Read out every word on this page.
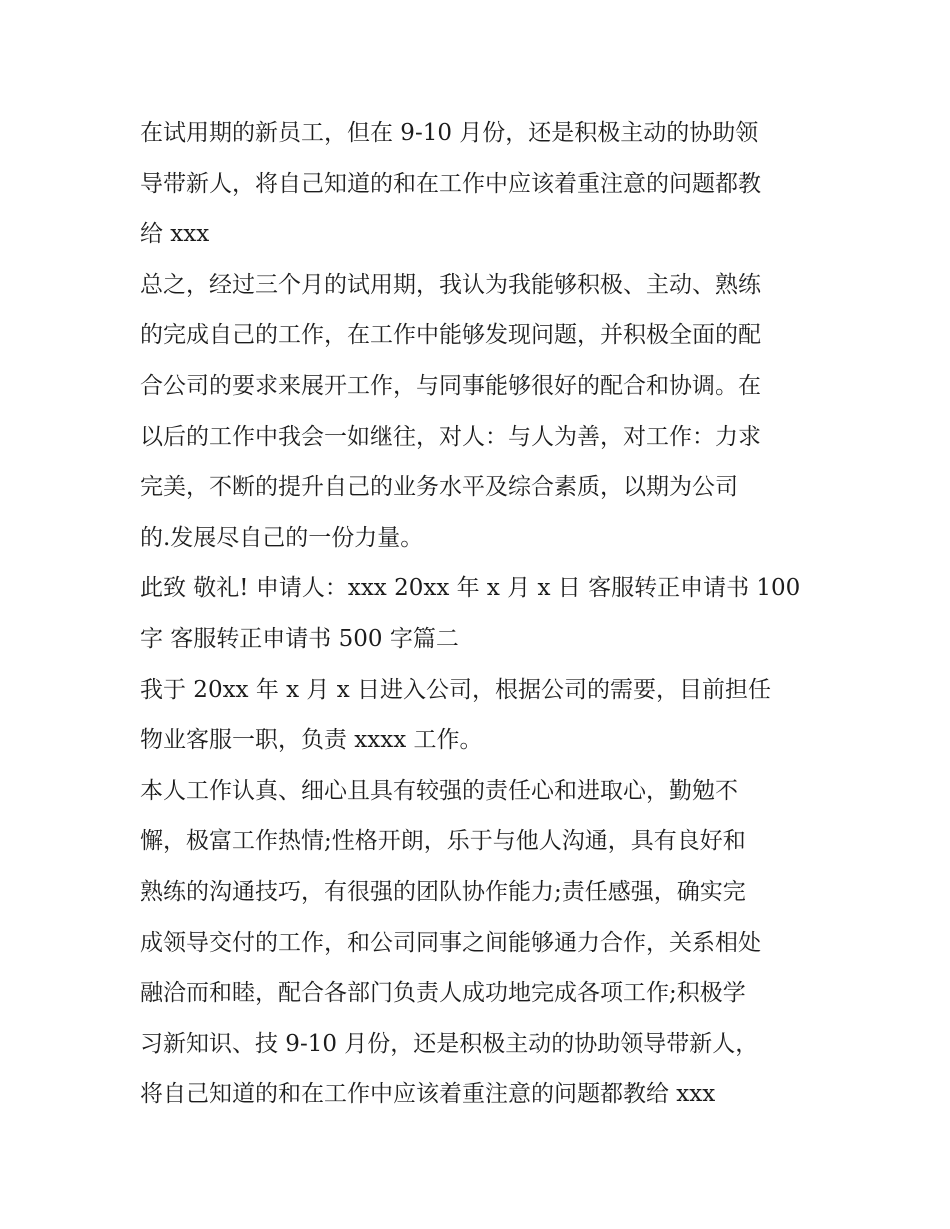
在试用期的新员工，但在 9-10 月份，还是积极主动的协助领
导带新人，将自己知道的和在工作中应该着重注意的问题都教
给 xxx
总之，经过三个月的试用期，我认为我能够积极、主动、熟练
的完成自己的工作，在工作中能够发现问题，并积极全面的配
合公司的要求来展开工作，与同事能够很好的配合和协调。在
以后的工作中我会一如继往，对人：与人为善，对工作：力求
完美，不断的提升自己的业务水平及综合素质，以期为公司
的.发展尽自己的一份力量。
此致 敬礼! 申请人：xxx 20xx 年 x 月 x 日 客服转正申请书 100
字 客服转正申请书 500 字篇二
我于 20xx 年 x 月 x 日进入公司，根据公司的需要，目前担任
物业客服一职，负责 xxxx 工作。
本人工作认真、细心且具有较强的责任心和进取心，勤勉不
懈，极富工作热情;性格开朗，乐于与他人沟通，具有良好和
熟练的沟通技巧，有很强的团队协作能力;责任感强，确实完
成领导交付的工作，和公司同事之间能够通力合作，关系相处
融洽而和睦，配合各部门负责人成功地完成各项工作;积极学
习新知识、技 9-10 月份，还是积极主动的协助领导带新人，
将自己知道的和在工作中应该着重注意的问题都教给 xxx
